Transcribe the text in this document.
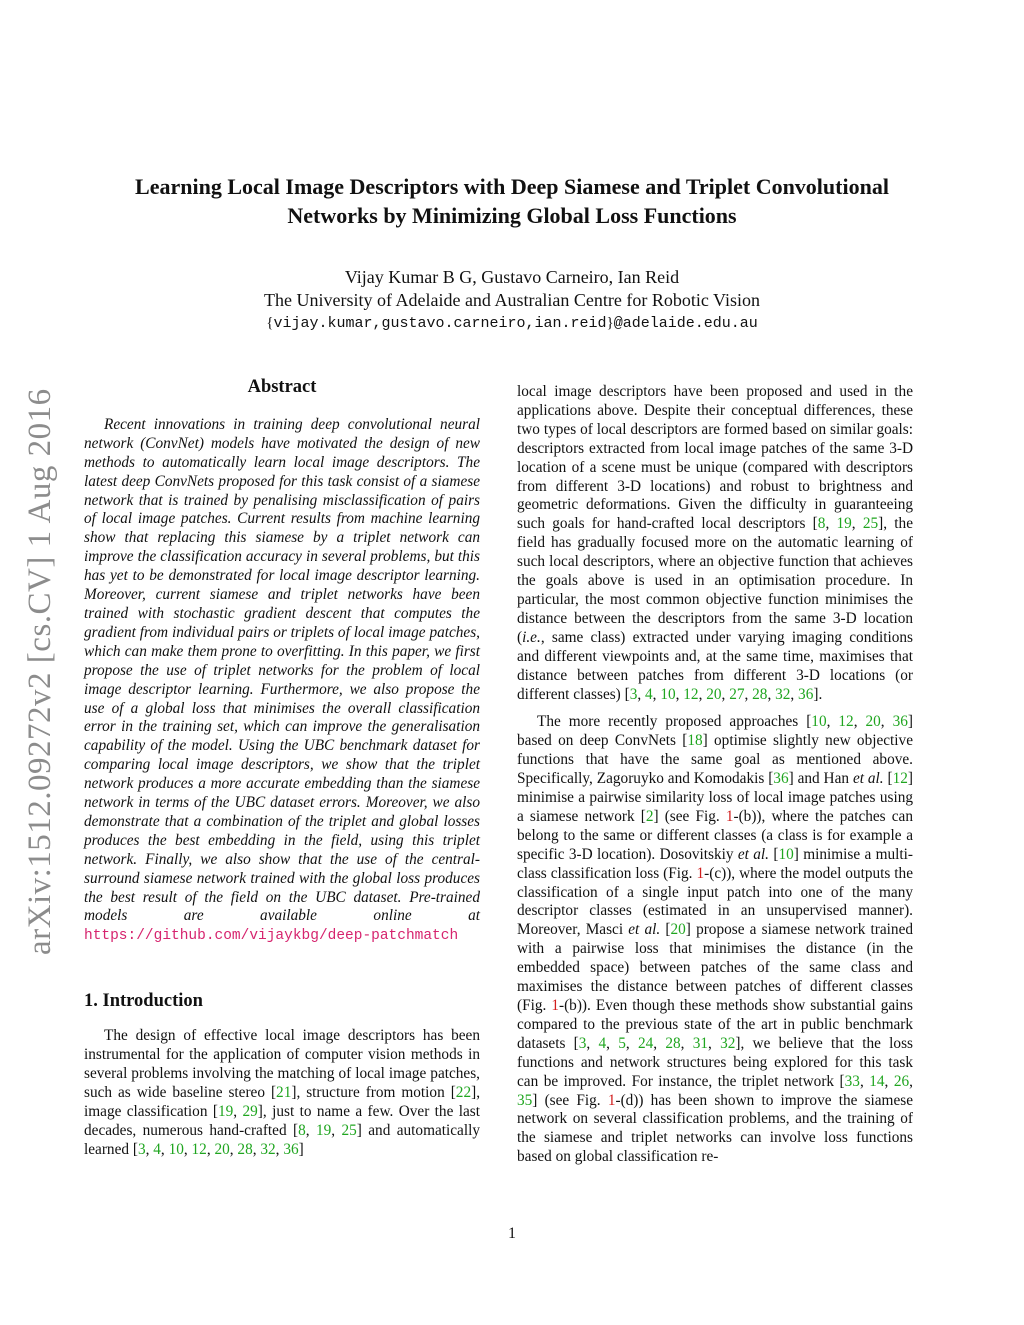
Learning Local Image Descriptors with Deep Siamese and Triplet Convolutional
Networks by Minimizing Global Loss Functions
Vijay Kumar B G, Gustavo Carneiro, Ian Reid
The University of Adelaide and Australian Centre for Robotic Vision
{vijay.kumar,gustavo.carneiro,ian.reid}@adelaide.edu.au
arXiv:1512.09272v2 [cs.CV] 1 Aug 2016
Abstract

Recent innovations in training deep convolutional neural network (ConvNet) models have motivated the design of new methods to automatically learn local image descriptors. The latest deep ConvNets proposed for this task consist of a siamese network that is trained by penalising misclassification of pairs of local image patches. Current results from machine learning show that replacing this siamese by a triplet network can improve the classification accuracy in several problems, but this has yet to be demonstrated for local image descriptor learning. Moreover, current siamese and triplet networks have been trained with stochastic gradient descent that computes the gradient from individual pairs or triplets of local image patches, which can make them prone to overfitting. In this paper, we first propose the use of triplet networks for the problem of local image descriptor learning. Furthermore, we also propose the use of a global loss that minimises the overall classification error in the training set, which can improve the generalisation capability of the model. Using the UBC benchmark dataset for comparing local image descriptors, we show that the triplet network produces a more accurate embedding than the siamese network in terms of the UBC dataset errors. Moreover, we also demonstrate that a combination of the triplet and global losses produces the best embedding in the field, using this triplet network. Finally, we also show that the use of the central-surround siamese network trained with the global loss produces the best result of the field on the UBC dataset. Pre-trained models are available online at https://github.com/vijaykbg/deep-patchmatch

1. Introduction

The design of effective local image descriptors has been instrumental for the application of computer vision methods in several problems involving the matching of local image patches, such as wide baseline stereo [21], structure from motion [22], image classification [19, 29], just to name a few. Over the last decades, numerous hand-crafted [8, 19, 25] and automatically learned [3, 4, 10, 12, 20, 28, 32, 36]

local image descriptors have been proposed and used in the applications above. Despite their conceptual differences, these two types of local descriptors are formed based on similar goals: descriptors extracted from local image patches of the same 3-D location of a scene must be unique (compared with descriptors from different 3-D locations) and robust to brightness and geometric deformations. Given the difficulty in guaranteeing such goals for hand-crafted local descriptors [8, 19, 25], the field has gradually focused more on the automatic learning of such local descriptors, where an objective function that achieves the goals above is used in an optimisation procedure. In particular, the most common objective function minimises the distance between the descriptors from the same 3-D location (i.e., same class) extracted under varying imaging conditions and different viewpoints and, at the same time, maximises that distance between patches from different 3-D locations (or different classes) [3, 4, 10, 12, 20, 27, 28, 32, 36].

The more recently proposed approaches [10, 12, 20, 36] based on deep ConvNets [18] optimise slightly new objective functions that have the same goal as mentioned above. Specifically, Zagoruyko and Komodakis [36] and Han et al. [12] minimise a pairwise similarity loss of local image patches using a siamese network [2] (see Fig. 1-(b)), where the patches can belong to the same or different classes (a class is for example a specific 3-D location). Dosovitskiy et al. [10] minimise a multi-class classification loss (Fig. 1-(c)), where the model outputs the classification of a single input patch into one of the many descriptor classes (estimated in an unsupervised manner). Moreover, Masci et al. [20] propose a siamese network trained with a pairwise loss that minimises the distance (in the embedded space) between patches of the same class and maximises the distance between patches of different classes (Fig. 1-(b)). Even though these methods show substantial gains compared to the previous state of the art in public benchmark datasets [3, 4, 5, 24, 28, 31, 32], we believe that the loss functions and network structures being explored for this task can be improved. For instance, the triplet network [33, 14, 26, 35] (see Fig. 1-(d)) has been shown to improve the siamese network on several classification problems, and the training of the siamese and triplet networks can involve loss functions based on global classification re-

1
